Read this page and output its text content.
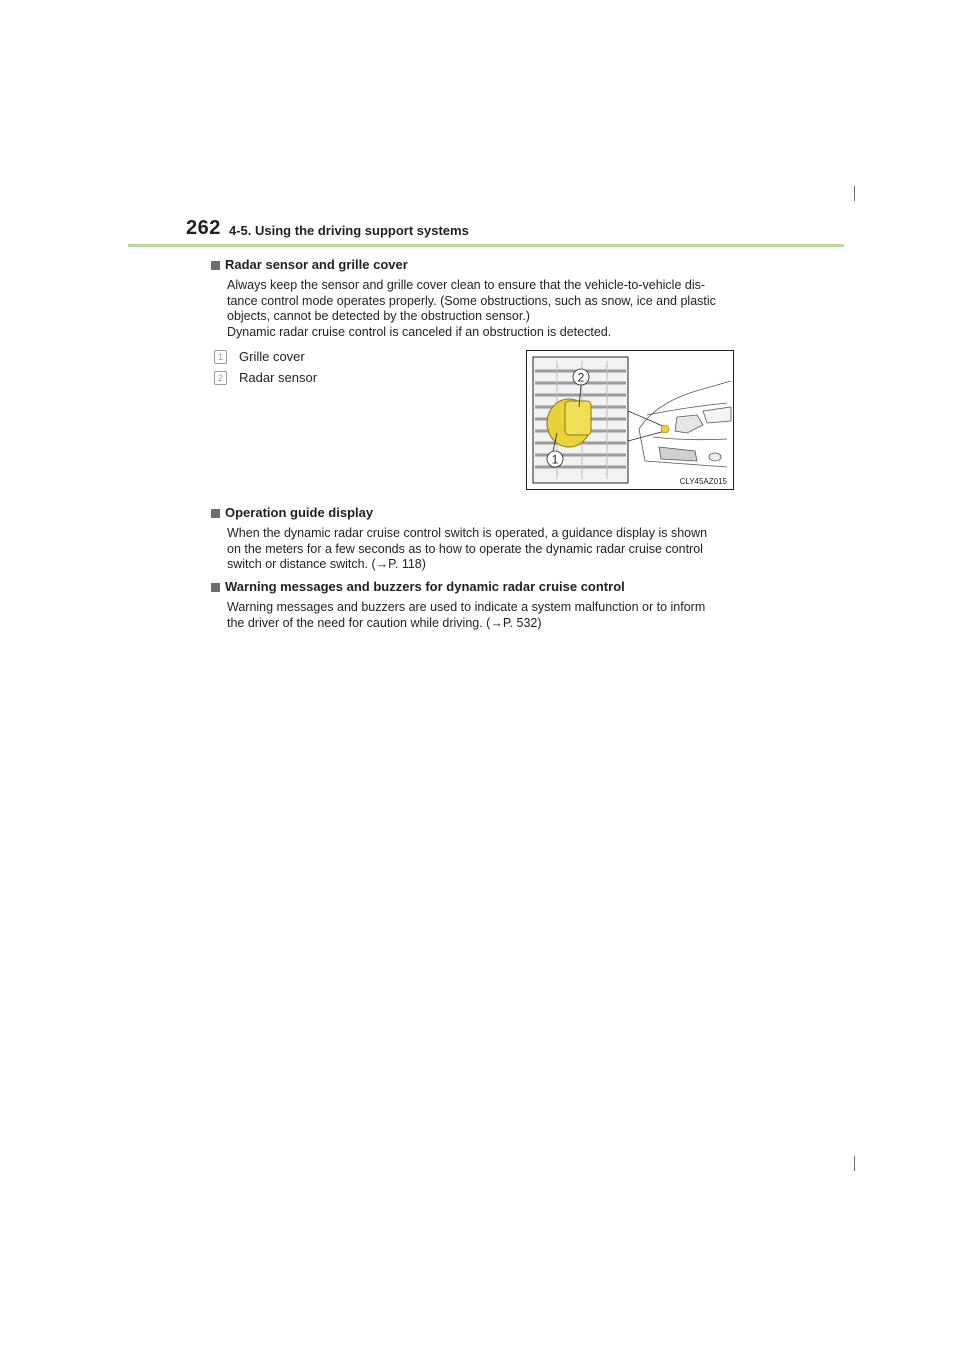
262 4-5. Using the driving support systems
Radar sensor and grille cover
Always keep the sensor and grille cover clean to ensure that the vehicle-to-vehicle dis-
tance control mode operates properly. (Some obstructions, such as snow, ice and plastic
objects, cannot be detected by the obstruction sensor.)
Dynamic radar cruise control is canceled if an obstruction is detected.
1	Grille cover
2	Radar sensor	2
1
CLY45AZ015
Operation guide display
When the dynamic radar cruise control switch is operated, a guidance display is shown
on the meters for a few seconds as to how to operate the dynamic radar cruise control
switch or distance switch. (→P. 118)
Warning messages and buzzers for dynamic radar cruise control
Warning messages and buzzers are used to indicate a system malfunction or to inform
the driver of the need for caution while driving. (→P. 532)
